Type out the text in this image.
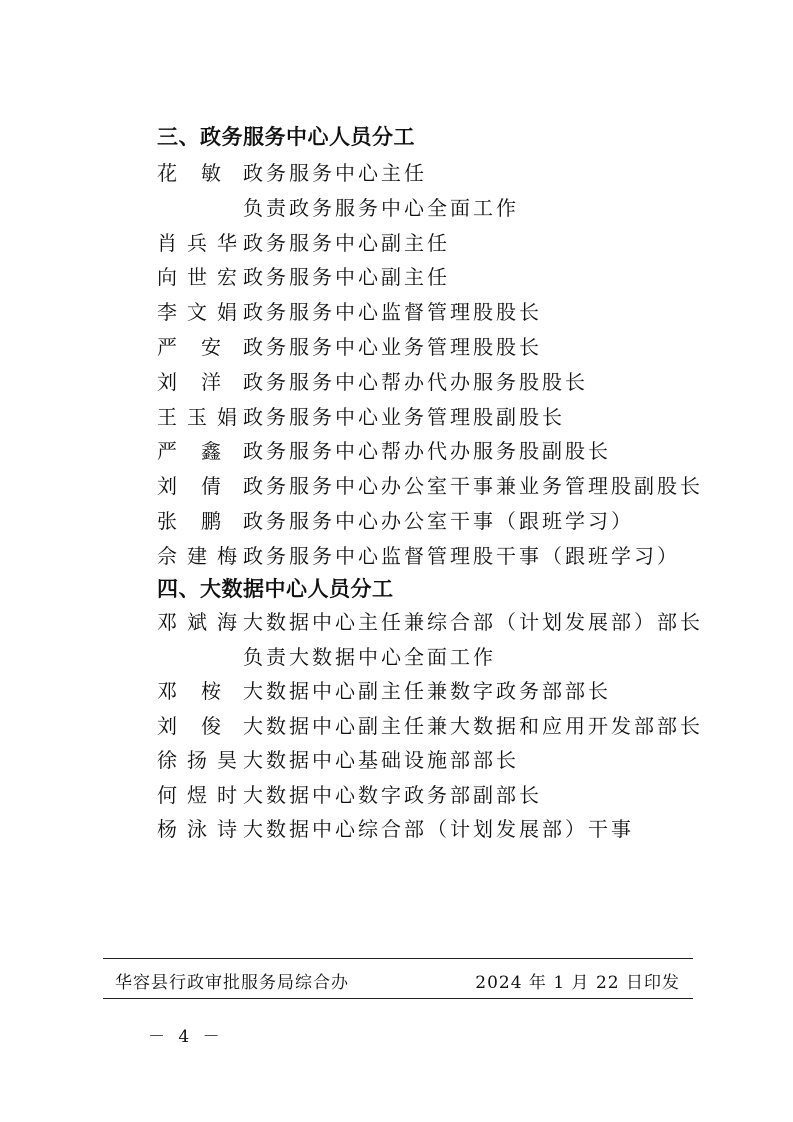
三、政务服务中心人员分工
花 敏 政务服务中心主任
负责政务服务中心全面工作
肖 兵 华 政务服务中心副主任
向 世 宏 政务服务中心副主任
李 文 娟 政务服务中心监督管理股股长
严 安 政务服务中心业务管理股股长
刘 洋 政务服务中心帮办代办服务股股长
王 玉 娟 政务服务中心业务管理股副股长
严 鑫 政务服务中心帮办代办服务股副股长
刘 倩 政务服务中心办公室干事兼业务管理股副股长
张 鹏 政务服务中心办公室干事（跟班学习）
佘 建 梅 政务服务中心监督管理股干事（跟班学习）
四、大数据中心人员分工
邓 斌 海 大数据中心主任兼综合部（计划发展部）部长
负责大数据中心全面工作
邓 桉 大数据中心副主任兼数字政务部部长
刘 俊 大数据中心副主任兼大数据和应用开发部部长
徐 扬 昊 大数据中心基础设施部部长
何 煜 时 大数据中心数字政务部副部长
杨 泳 诗 大数据中心综合部（计划发展部）干事
华容县行政审批服务局综合办	2024 年 1 月 22 日印发
－ 4 －
